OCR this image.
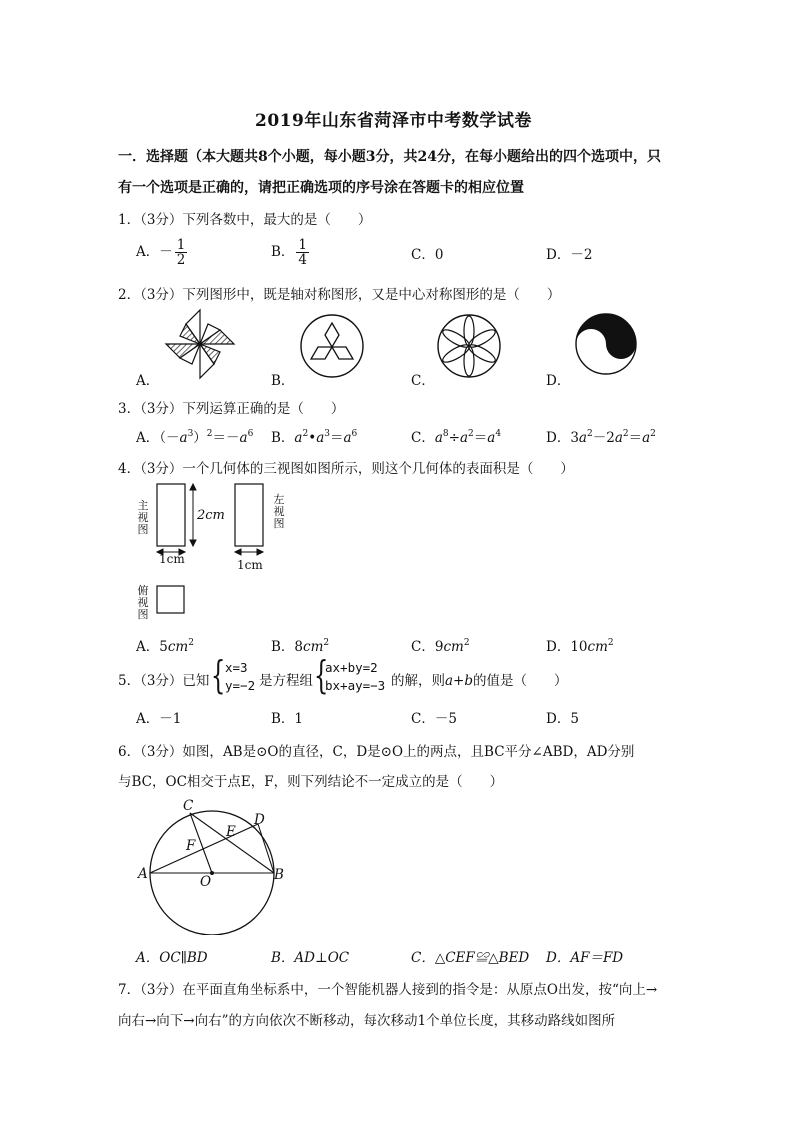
2019年山东省菏泽市中考数学试卷
一．选择题（本大题共8个小题，每小题3分，共24分，在每小题给出的四个选项中，只
有一个选项是正确的，请把正确选项的序号涂在答题卡的相应位置
1．（3分）下列各数中，最大的是（　　）
A．－ $\frac{1}{2}$	B． $\frac{1}{4}$	C．0	D．－2
2．（3分）下列图形中，既是轴对称图形，又是中心对称图形的是（　　）
A．	B．	C．	D．
3．（3分）下列运算正确的是（　　）
A．$(-a^3)^2=-a^6$ B．$a^2•a^3=a^6$	C．$a^8\div a^2=a^4$	D．$3a^2-2a^2=a^2$
4．（3分）一个几何体的三视图如图所示，则这个几何体的表面积是（　　）
主视图
2cm
左视图
1cm	1cm
俯视图
A．$5cm^2$	B．$8cm^2$	C．$9cm^2$	D．$10cm^2$
5．（3分）已知 { x=3
y=−2 是方程组 {
ax+by=2
bx+ay=−3 的解，则a+b的值是（　　）
A．－1	B．1	C．－5	D．5
6．（3分）如图，AB是⊙O的直径，C，D是⊙O上的两点，且BC平分∠ABD，AD分别
与BC，OC相交于点E，F，则下列结论不一定成立的是（　　）
C
D
E
F
A	O	B
A．OC∥BD	B．AD⊥OC	C．△CEF≌△BED D．AF＝FD
7．（3分）在平面直角坐标系中，一个智能机器人接到的指令是：从原点O出发，按“向上→
向右→向下→向右”的方向依次不断移动，每次移动1个单位长度，其移动路线如图所
